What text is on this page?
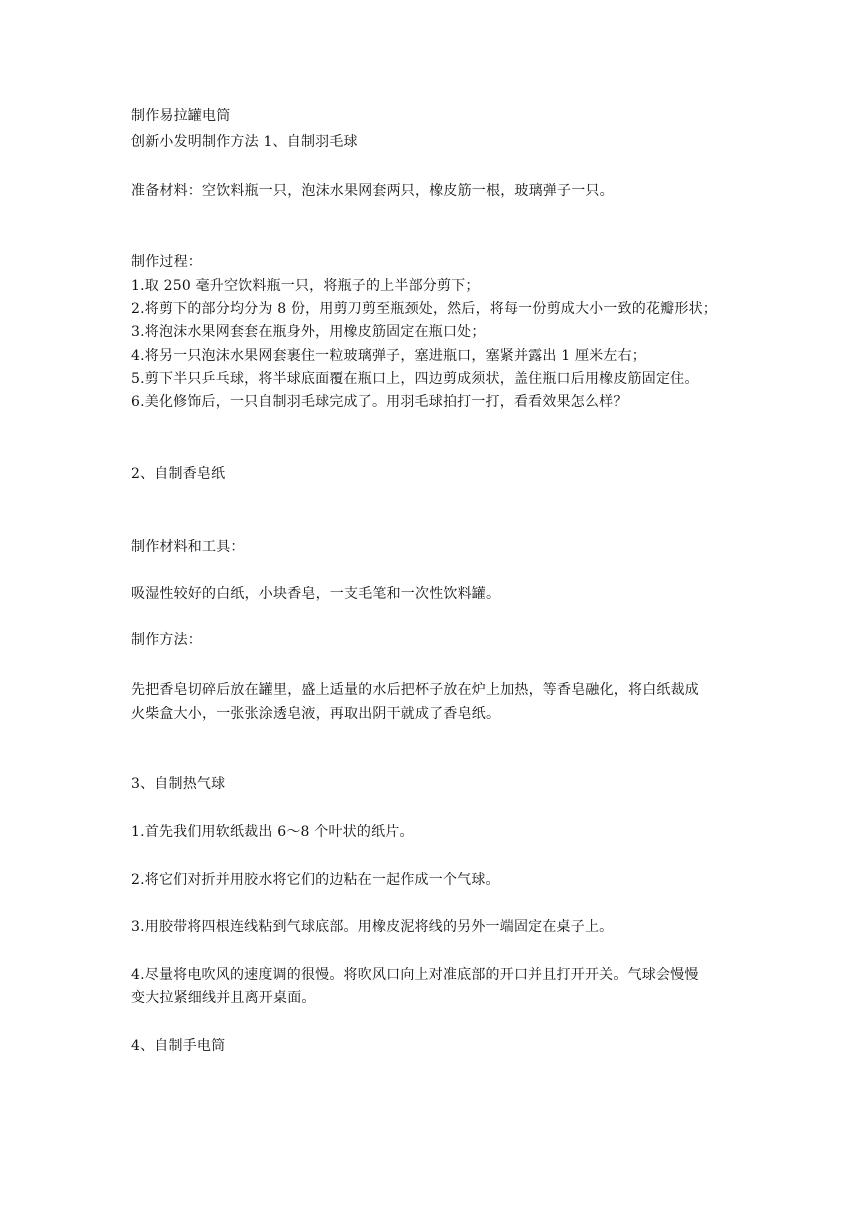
制作易拉罐电筒
创新小发明制作方法 1、自制羽毛球
准备材料：空饮料瓶一只，泡沫水果网套两只，橡皮筋一根，玻璃弹子一只。
制作过程：
1.取 250 毫升空饮料瓶一只，将瓶子的上半部分剪下；
2.将剪下的部分均分为 8 份，用剪刀剪至瓶颈处，然后，将每一份剪成大小一致的花瓣形状；
3.将泡沫水果网套套在瓶身外，用橡皮筋固定在瓶口处；
4.将另一只泡沫水果网套裹住一粒玻璃弹子，塞进瓶口，塞紧并露出 1 厘米左右；
5.剪下半只乒乓球，将半球底面覆在瓶口上，四边剪成须状，盖住瓶口后用橡皮筋固定住。
6.美化修饰后，一只自制羽毛球完成了。用羽毛球拍打一打，看看效果怎么样？
2、自制香皂纸
制作材料和工具：
吸湿性较好的白纸，小块香皂，一支毛笔和一次性饮料罐。
制作方法：
先把香皂切碎后放在罐里，盛上适量的水后把杯子放在炉上加热，等香皂融化，将白纸裁成
火柴盒大小，一张张涂透皂液，再取出阴干就成了香皂纸。
3、自制热气球
1.首先我们用软纸裁出 6～8 个叶状的纸片。
2.将它们对折并用胶水将它们的边粘在一起作成一个气球。
3.用胶带将四根连线粘到气球底部。用橡皮泥将线的另外一端固定在桌子上。
4.尽量将电吹风的速度调的很慢。将吹风口向上对准底部的开口并且打开开关。气球会慢慢
变大拉紧细线并且离开桌面。
4、自制手电筒
